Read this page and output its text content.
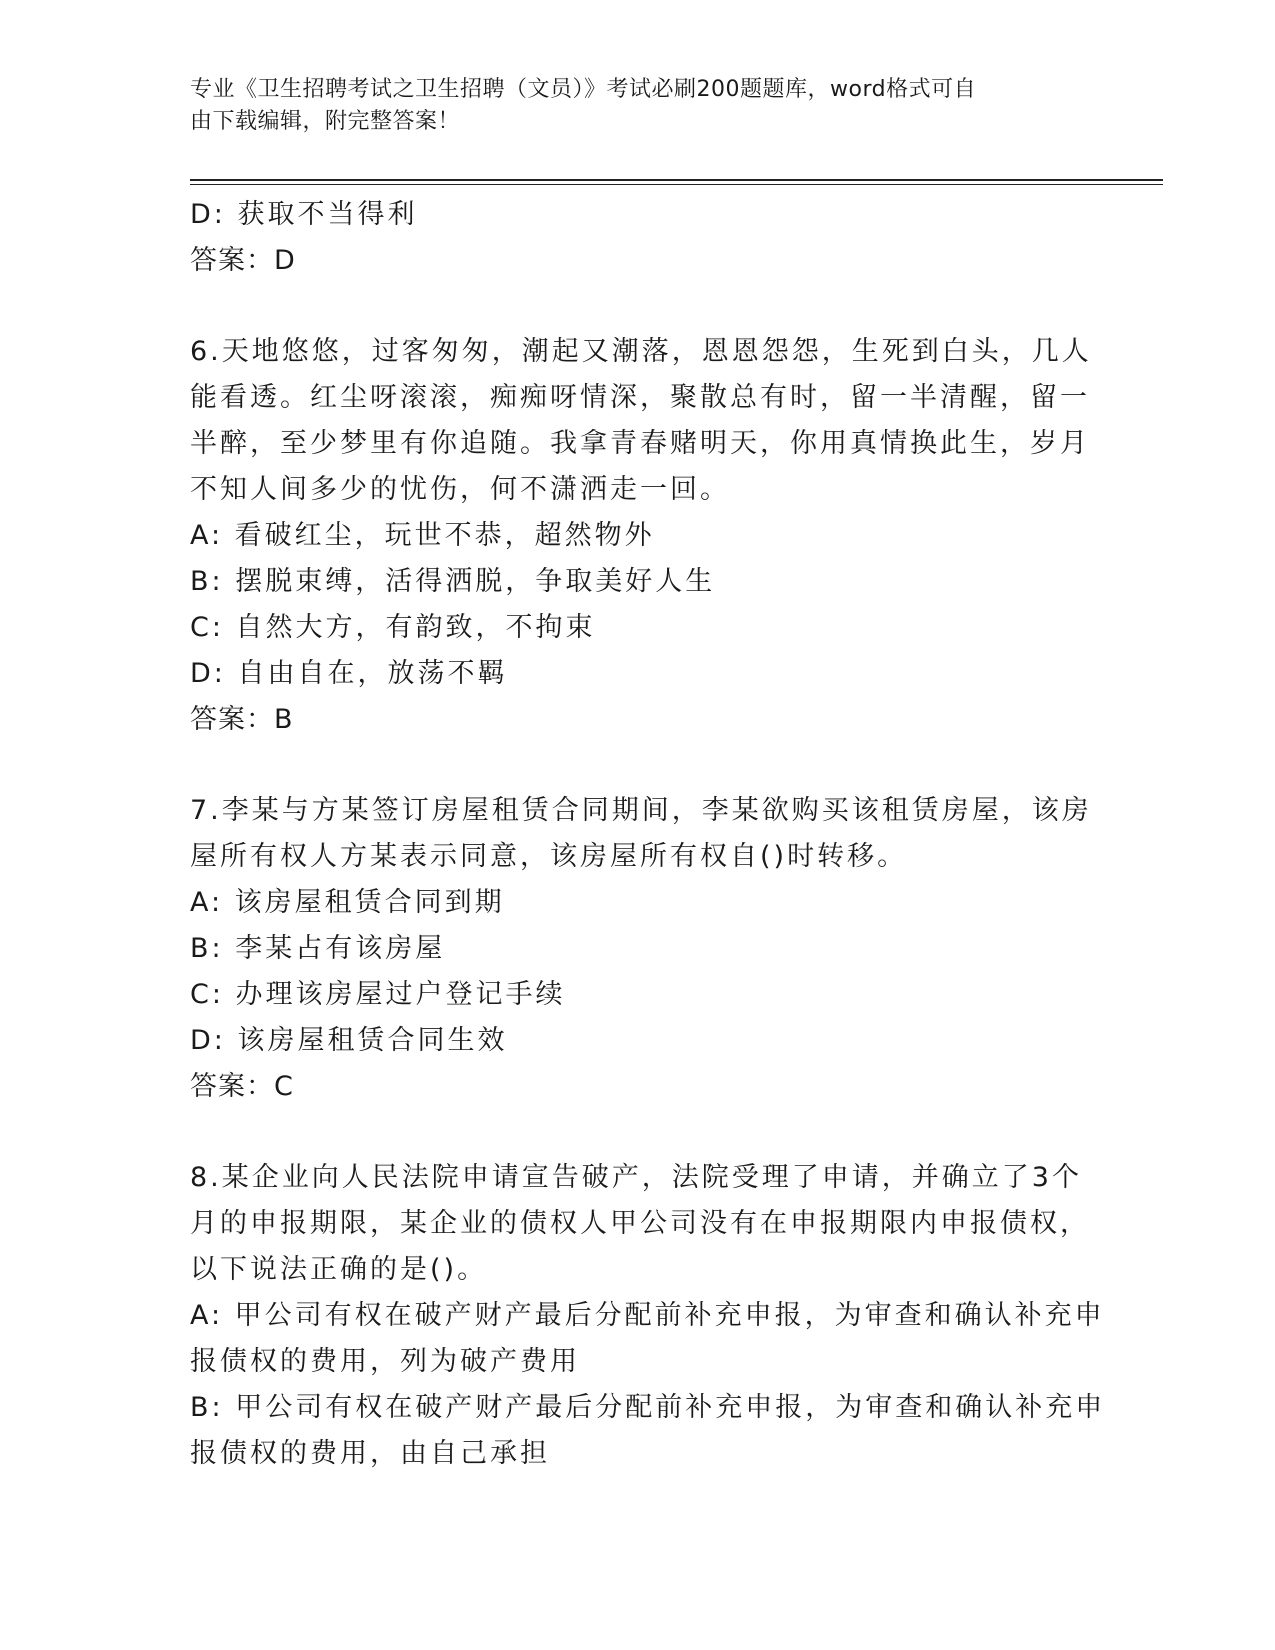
专业《卫生招聘考试之卫生招聘（文员）》考试必刷200题题库，word格式可自
由下载编辑，附完整答案！
D: 获取不当得利
答案：D
6.天地悠悠，过客匆匆，潮起又潮落，恩恩怨怨，生死到白头，几人
能看透。红尘呀滚滚，痴痴呀情深，聚散总有时，留一半清醒，留一
半醉，至少梦里有你追随。我拿青春赌明天，你用真情换此生，岁月
不知人间多少的忧伤，何不潇洒走一回。
A: 看破红尘，玩世不恭，超然物外
B: 摆脱束缚，活得洒脱，争取美好人生
C: 自然大方，有韵致，不拘束
D: 自由自在，放荡不羁
答案：B
7.李某与方某签订房屋租赁合同期间，李某欲购买该租赁房屋，该房
屋所有权人方某表示同意，该房屋所有权自()时转移。
A: 该房屋租赁合同到期
B: 李某占有该房屋
C: 办理该房屋过户登记手续
D: 该房屋租赁合同生效
答案：C
8.某企业向人民法院申请宣告破产，法院受理了申请，并确立了3个
月的申报期限，某企业的债权人甲公司没有在申报期限内申报债权，
以下说法正确的是()。
A: 甲公司有权在破产财产最后分配前补充申报，为审查和确认补充申
报债权的费用，列为破产费用
B: 甲公司有权在破产财产最后分配前补充申报，为审查和确认补充申
报债权的费用，由自己承担
